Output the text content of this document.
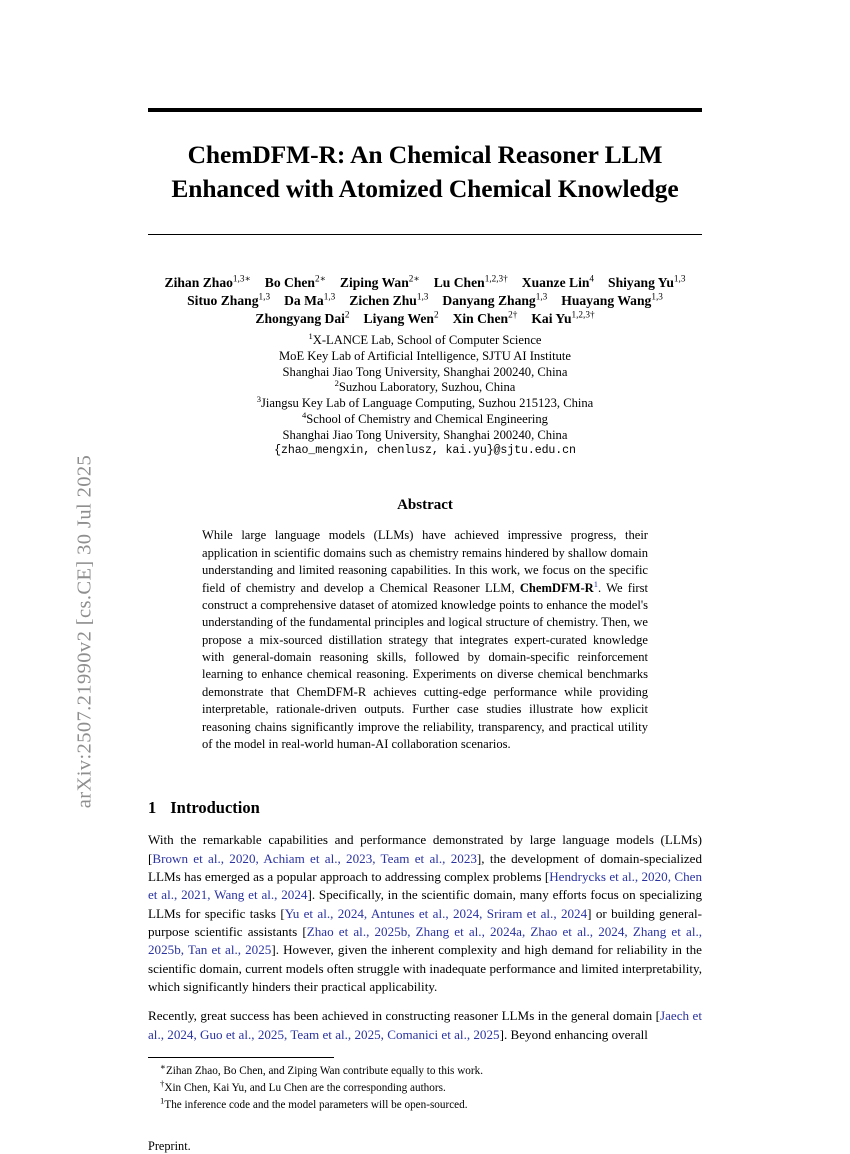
arXiv:2507.21990v2 [cs.CE] 30 Jul 2025
ChemDFM-R: An Chemical Reasoner LLM Enhanced with Atomized Chemical Knowledge
Zihan Zhao$^{1,3∗}$ Bo Chen$^{2∗}$ Ziping Wan$^{2∗}$ Lu Chen$^{1,2,3\dagger}$ Xuanze Lin$^4$ Shiyang Yu$^{1,3}$
Situo Zhang$^{1,3}$ Da Ma$^{1,3}$ Zichen Zhu$^{1,3}$ Danyang Zhang$^{1,3}$ Huayang Wang$^{1,3}$
Zhongyang Dai$^2$ Liyang Wen$^2$ Xin Chen$^{2\dagger}$ Kai $Yu^{1,2,3\dagger}$
$^1$X-LANCE Lab, School of Computer Science
MoE Key Lab of Artificial Intelligence, SJTU AI Institute
Shanghai Jiao Tong University, Shanghai 200240, China
$^2$Suzhou Laboratory, Suzhou, China
$^3$Jiangsu Key Lab of Language Computing, Suzhou 215123, China
$^4$School of Chemistry and Chemical Engineering
Shanghai Jiao Tong University, Shanghai 200240, China
{zhao_mengxin, chenlusz, kai.yu}@sjtu.edu.cn
Abstract
While large language models (LLMs) have achieved impressive progress, their application in scientific domains such as chemistry remains hindered by shallow domain understanding and limited reasoning capabilities. In this work, we focus on the specific field of chemistry and develop a Chemical Reasoner LLM, ChemDFM-$R^1$. We first construct a comprehensive dataset of atomized knowledge points to enhance the model's understanding of the fundamental principles and logical structure of chemistry. Then, we propose a mix-sourced distillation strategy that integrates expert-curated knowledge with general-domain reasoning skills, followed by domain-specific reinforcement learning to enhance chemical reasoning. Experiments on diverse chemical benchmarks demonstrate that ChemDFM-R achieves cutting-edge performance while providing interpretable, rationale-driven outputs. Further case studies illustrate how explicit reasoning chains significantly improve the reliability, transparency, and practical utility of the model in real-world human-AI collaboration scenarios.
1 Introduction
With the remarkable capabilities and performance demonstrated by large language models (LLMs) [Brown et al., 2020, Achiam et al., 2023, Team et al., 2023], the development of domain-specialized LLMs has emerged as a popular approach to addressing complex problems [Hendrycks et al., 2020, Chen et al., 2021, Wang et al., 2024]. Specifically, in the scientific domain, many efforts focus on specializing LLMs for specific tasks [Yu et al., 2024, Antunes et al., 2024, Sriram et al., 2024] or building general-purpose scientific assistants [Zhao et al., 2025b, Zhang et al., 2024a, Zhao et al., 2024, Zhang et al., 2025b, Tan et al., 2025]. However, given the inherent complexity and high demand for reliability in the scientific domain, current models often struggle with inadequate performance and limited interpretability, which significantly hinders their practical applicability.
Recently, great success has been achieved in constructing reasoner LLMs in the general domain [Jaech et al., 2024, Guo et al., 2025, Team et al., 2025, Comanici et al., 2025]. Beyond enhancing overall
∗Zihan Zhao, Bo Chen, and Ziping Wan contribute equally to this work.
†Xin Chen, Kai Yu, and Lu Chen are the corresponding authors.
$^1$The inference code and the model parameters will be open-sourced.
Preprint.
